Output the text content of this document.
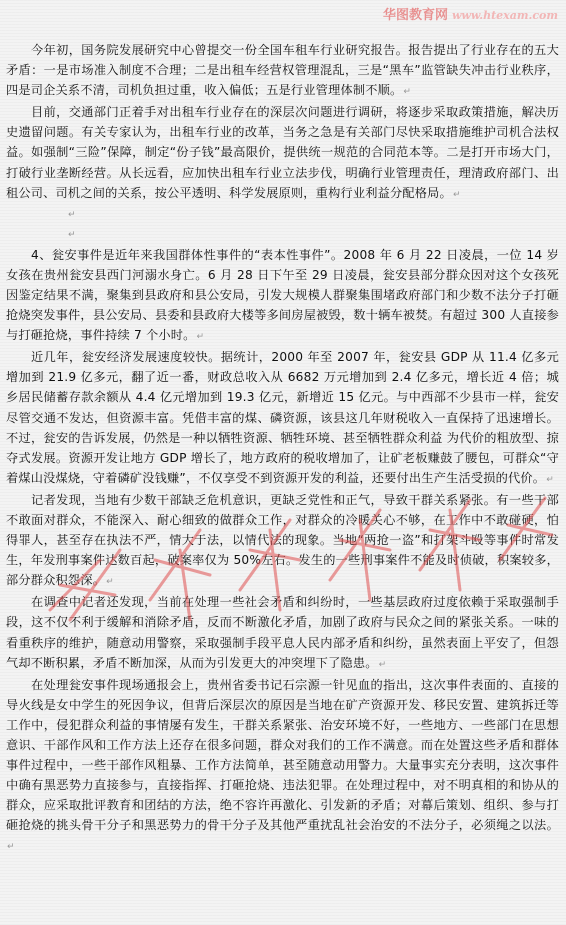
华图教育网 www.htexam.com

今年初，国务院发展研究中心曾提交一份全国车租车行业研究报告。报告提出了行业存在的五大矛盾：一是市场准入制度不合理；二是出租车经营权管理混乱，三是“黑车”监管缺失冲击行业秩序，四是司企关系不清，司机负担过重，收入偏低；五是行业管理体制不顺。↵

目前，交通部门正着手对出租车行业存在的深层次问题进行调研，将逐步采取政策措施，解决历史遗留问题。有关专家认为，出租车行业的改革，当务之急是有关部门尽快采取措施维护司机合法权益。如强制“三险”保障，制定“份子钱”最高限价，提供统一规范的合同范本等。二是打开市场大门，打破行业垄断经营。从长远看，应加快出租车行业立法步伐，明确行业管理责任，理清政府部门、出租公司、司机之间的关系，按公平透明、科学发展原则，重构行业利益分配格局。↵

↵
↵

4、瓮安事件是近年来我国群体性事件的“表本性事件”。2008 年 6 月 22 日凌晨，一位 14 岁女孩在贵州瓮安县西门河溺水身亡。6 月 28 日下午至 29 日凌晨，瓮安县部分群众因对这个女孩死因鉴定结果不满，聚集到县政府和县公安局，引发大规模人群聚集围堵政府部门和少数不法分子打砸抢烧突发事件，县公安局、县委和县政府大楼等多间房屋被毁，数十辆车被焚。有超过 300 人直接参与打砸抢烧，事件持续 7 个小时。↵

近几年，瓮安经济发展速度较快。据统计，2000 年至 2007 年，瓮安县 GDP 从 11.4 亿多元增加到 21.9 亿多元，翻了近一番，财政总收入从 6682 万元增加到 2.4 亿多元，增长近 4 倍；城乡居民储蓄存款余额从 4.4 亿元增加到 19.3 亿元，新增近 15 亿元。与中西部不少县市一样，瓮安尽管交通不发达，但资源丰富。凭借丰富的煤、磷资源，该县这几年财税收入一直保持了迅速增长。不过，瓮安的告诉发展，仍然是一种以牺牲资源、牺牲环境、甚至牺牲群众利益 为代价的粗放型、掠夺式发展。资源开发让地方 GDP 增长了，地方政府的税收增加了，让矿老板赚鼓了腰包，可群众“守着煤山没煤烧，守着磷矿没钱赚”，不仅享受不到资源开发的利益，还要付出生产生活受损的代价。↵

记者发现，当地有少数干部缺乏危机意识，更缺乏党性和正气，导致干群关系紧张。有一些干部不敢面对群众，不能深入、耐心细致的做群众工作，对群众的冷暖关心不够，在工作中不敢碰硬，怕得罪人，甚至存在执法不严，情大于法，以情代法的现象。当地“两抢一盗”和打架斗殴等事件时常发生，年发刑事案件达数百起，破案率仅为 50%左右。发生的一些刑事案件不能及时侦破，积案较多，部分群众积怨深。↵

在调查中记者还发现，当前在处理一些社会矛盾和纠纷时，一些基层政府过度依赖于采取强制手段，这不仅不利于缓解和消除矛盾，反而不断激化矛盾，加剧了政府与民众之间的紧张关系。一味的看重秩序的维护，随意动用警察，采取强制手段平息人民内部矛盾和纠纷，虽然表面上平安了，但怨气却不断积累，矛盾不断加深，从而为引发更大的冲突埋下了隐患。↵

在处理瓮安事件现场通报会上，贵州省委书记石宗源一针见血的指出，这次事件表面的、直接的导火线是女中学生的死因争议，但背后深层次的原因是当地在矿产资源开发、移民安置、建筑拆迁等工作中，侵犯群众利益的事情屡有发生，干群关系紧张、治安环境不好，一些地方、一些部门在思想意识、干部作风和工作方法上还存在很多问题，群众对我们的工作不满意。而在处置这些矛盾和群体事件过程中，一些干部作风粗暴、工作方法简单，甚至随意动用警力。大量事实充分表明，这次事件中确有黑恶势力直接参与，直接指挥、打砸抢烧、违法犯罪。在处理过程中，对不明真相的和协从的群众，应采取批评教育和团结的方法，绝不容许再激化、引发新的矛盾；对幕后策划、组织、参与打砸抢烧的挑头骨干分子和黑恶势力的骨干分子及其他严重扰乱社会治安的不法分子，必须绳之以法。↵
